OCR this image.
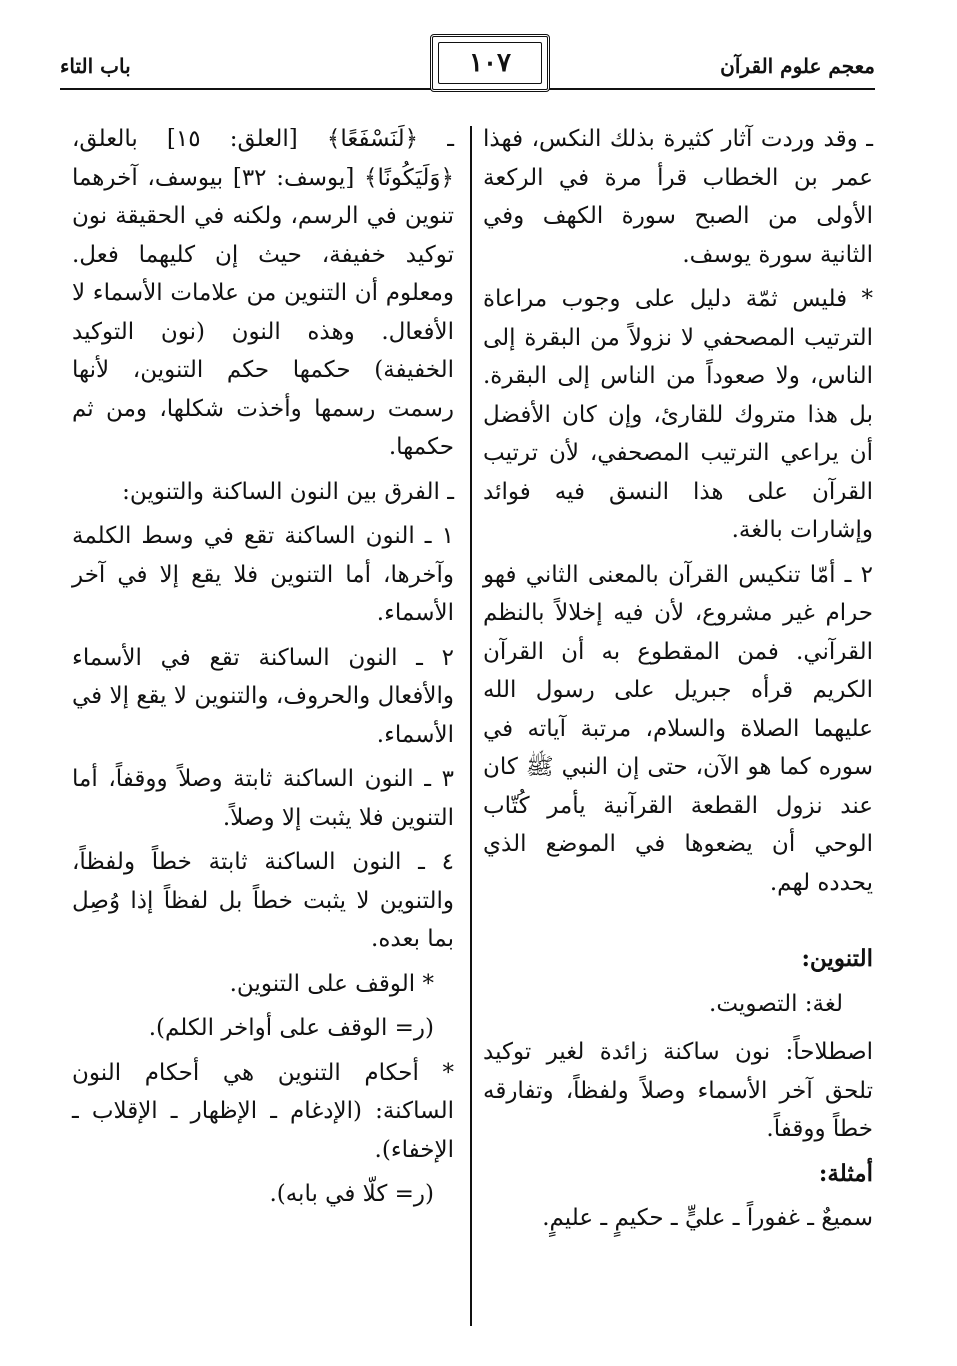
معجم علوم القرآن
باب التاء	١٠٧

ـ وقد وردت آثار كثيرة بذلك النكس، فهذا عمر بن الخطاب قرأ مرة في الركعة الأولى من الصبح سورة الكهف وفي الثانية سورة يوسف.

* فليس ثمّة دليل على وجوب مراعاة الترتيب المصحفي لا نزولاً من البقرة إلى الناس، ولا صعوداً من الناس إلى البقرة. بل هذا متروك للقارئ، وإن كان الأفضل أن يراعي الترتيب المصحفي، لأن ترتيب القرآن على هذا النسق فيه فوائد وإشارات بالغة.

٢ ـ أمّا تنكيس القرآن بالمعنى الثاني فهو حرام غير مشروع، لأن فيه إخلالاً بالنظم القرآني. فمن المقطوع به أن القرآن الكريم قرأه جبريل على رسول الله عليهما الصلاة والسلام، مرتبة آياته في سوره كما هو الآن، حتى إن النبي ﷺ كان عند نزول القطعة القرآنية يأمر كُتّاب الوحي أن يضعوها في الموضع الذي يحدده لهم.

التنوين:

لغة: التصويت.

اصطلاحاً: نون ساكنة زائدة لغير توكيد تلحق آخر الأسماء وصلاً ولفظاً، وتفارقه خطاً ووقفاً.

أمثلة:

سميعٌ ـ غفوراً ـ عليٍّ ـ حكيمٍ ـ عليمٍ.

ـ ﴿لَنَسْفَعًا﴾ [العلق: ١٥] بالعلق، ﴿وَلَيَكُونًا﴾ [يوسف: ٣٢] بيوسف، آخرهما تنوين في الرسم، ولكنه في الحقيقة نون توكيد خفيفة، حيث إن كليهما فعل. ومعلوم أن التنوين من علامات الأسماء لا الأفعال. وهذه النون (نون التوكيد الخفيفة) حكمها حكم التنوين، لأنها رسمت رسمها وأخذت شكلها، ومن ثم حكمها.

ـ الفرق بين النون الساكنة والتنوين:

١ ـ النون الساكنة تقع في وسط الكلمة وآخرها، أما التنوين فلا يقع إلا في آخر الأسماء.

٢ ـ النون الساكنة تقع في الأسماء والأفعال والحروف، والتنوين لا يقع إلا في الأسماء.

٣ ـ النون الساكنة ثابتة وصلاً ووقفاً، أما التنوين فلا يثبت إلا وصلاً.

٤ ـ النون الساكنة ثابتة خطاً ولفظاً، والتنوين لا يثبت خطاً بل لفظاً إذا وُصِل بما بعده.

* الوقف على التنوين.

(ر= الوقف على أواخر الكلم).

* أحكام التنوين هي أحكام النون الساكنة: (الإدغام ـ الإظهار ـ الإقلاب ـ الإخفاء).

(ر= كلّا في بابه).
